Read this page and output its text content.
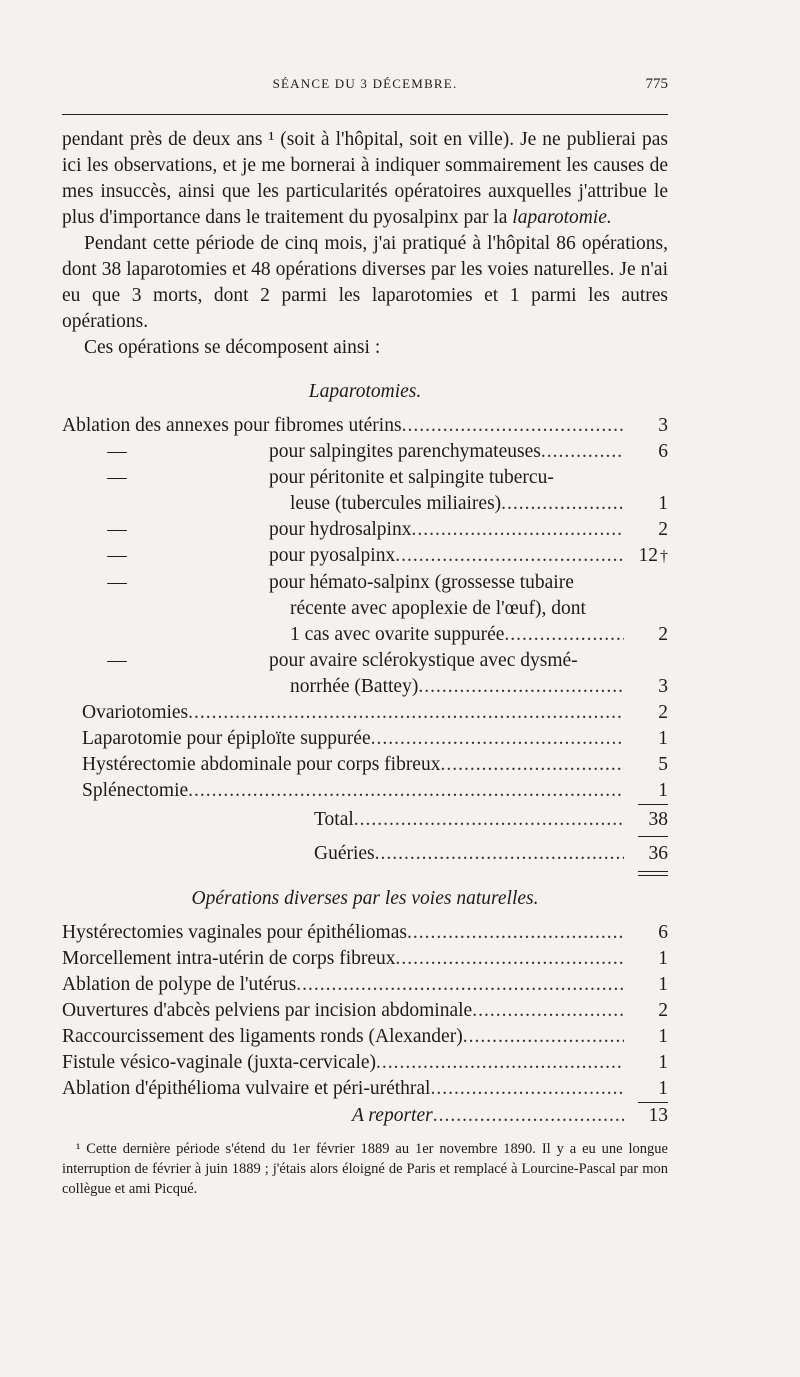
SÉANCE DU 3 DÉCEMBRE.	775

pendant près de deux ans ¹ (soit à l'hôpital, soit en ville). Je ne publierai pas ici les observations, et je me bornerai à indiquer sommairement les causes de mes insuccès, ainsi que les particularités opératoires auxquelles j'attribue le plus d'importance dans le traitement du pyosalpinx par la laparotomie.

Pendant cette période de cinq mois, j'ai pratiqué à l'hôpital 86 opérations, dont 38 laparotomies et 48 opérations diverses par les voies naturelles. Je n'ai eu que 3 morts, dont 2 parmi les laparotomies et 1 parmi les autres opérations.

Ces opérations se décomposent ainsi :

Laparotomies.
Ablation des annexes
pour fibromes utérins .....	3
—	pour salpingites parenchymateuses .....	6
—	pour péritonite et salpingite tubercu-
leuse (tubercules miliaires) .....	1
—	pour hydrosalpinx .....	2
—	pour pyosalpinx .....	12 †
—	pour hémato-salpinx (grossesse tubaire
récente avec apoplexie de l'œuf), dont
1 cas avec ovarite suppurée .....	2
—	pour avaire sclérokystique avec dysmé-
norrhée (Battey) .....	3
Ovariotomies .....	2
Laparotomie pour épiploïte suppurée .....	1
Hystérectomie abdominale pour corps fibreux .....	5
Splénectomie .....	1
Total .....	38
Guéries .....	36
Opérations diverses par les voies naturelles.
Hystérectomies vaginales pour épithéliomas .....	6
Morcellement intra-utérin de corps fibreux .....	1
Ablation de polype de l'utérus .....	1
Ouvertures d'abcès pelviens par incision abdominale .....	2
Raccourcissement des ligaments ronds (Alexander) .....	1
Fistule vésico-vaginale (juxta-cervicale) .....	1
Ablation d'épithélioma vulvaire et péri-uréthral .....	1
A reporter .....	13

¹ Cette dernière période s'étend du 1er février 1889 au 1er novembre 1890. Il y a eu une longue interruption de février à juin 1889 ; j'étais alors éloigné de Paris et remplacé à Lourcine-Pascal par mon collègue et ami Picqué.
